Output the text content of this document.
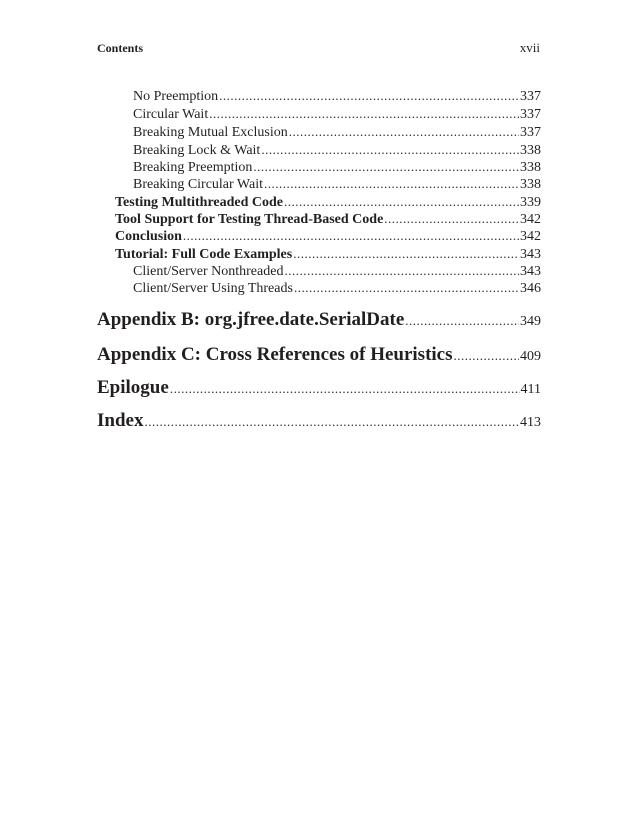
Contents	xvii
No Preemption .....	337
Circular Wait .....	337
Breaking Mutual Exclusion .....	337
Breaking Lock & Wait .....	338
Breaking Preemption .....	338
Breaking Circular Wait .....	338
Testing Multithreaded Code .....	339
Tool Support for Testing Thread-Based Code .....	342
Conclusion .....	342
Tutorial: Full Code Examples .....	343
Client/Server Nonthreaded .....	343
Client/Server Using Threads .....	346
Appendix B: org.jfree.date.SerialDate .....	349
Appendix C: Cross References of Heuristics .....	409
Epilogue .....	411
Index .....	413
